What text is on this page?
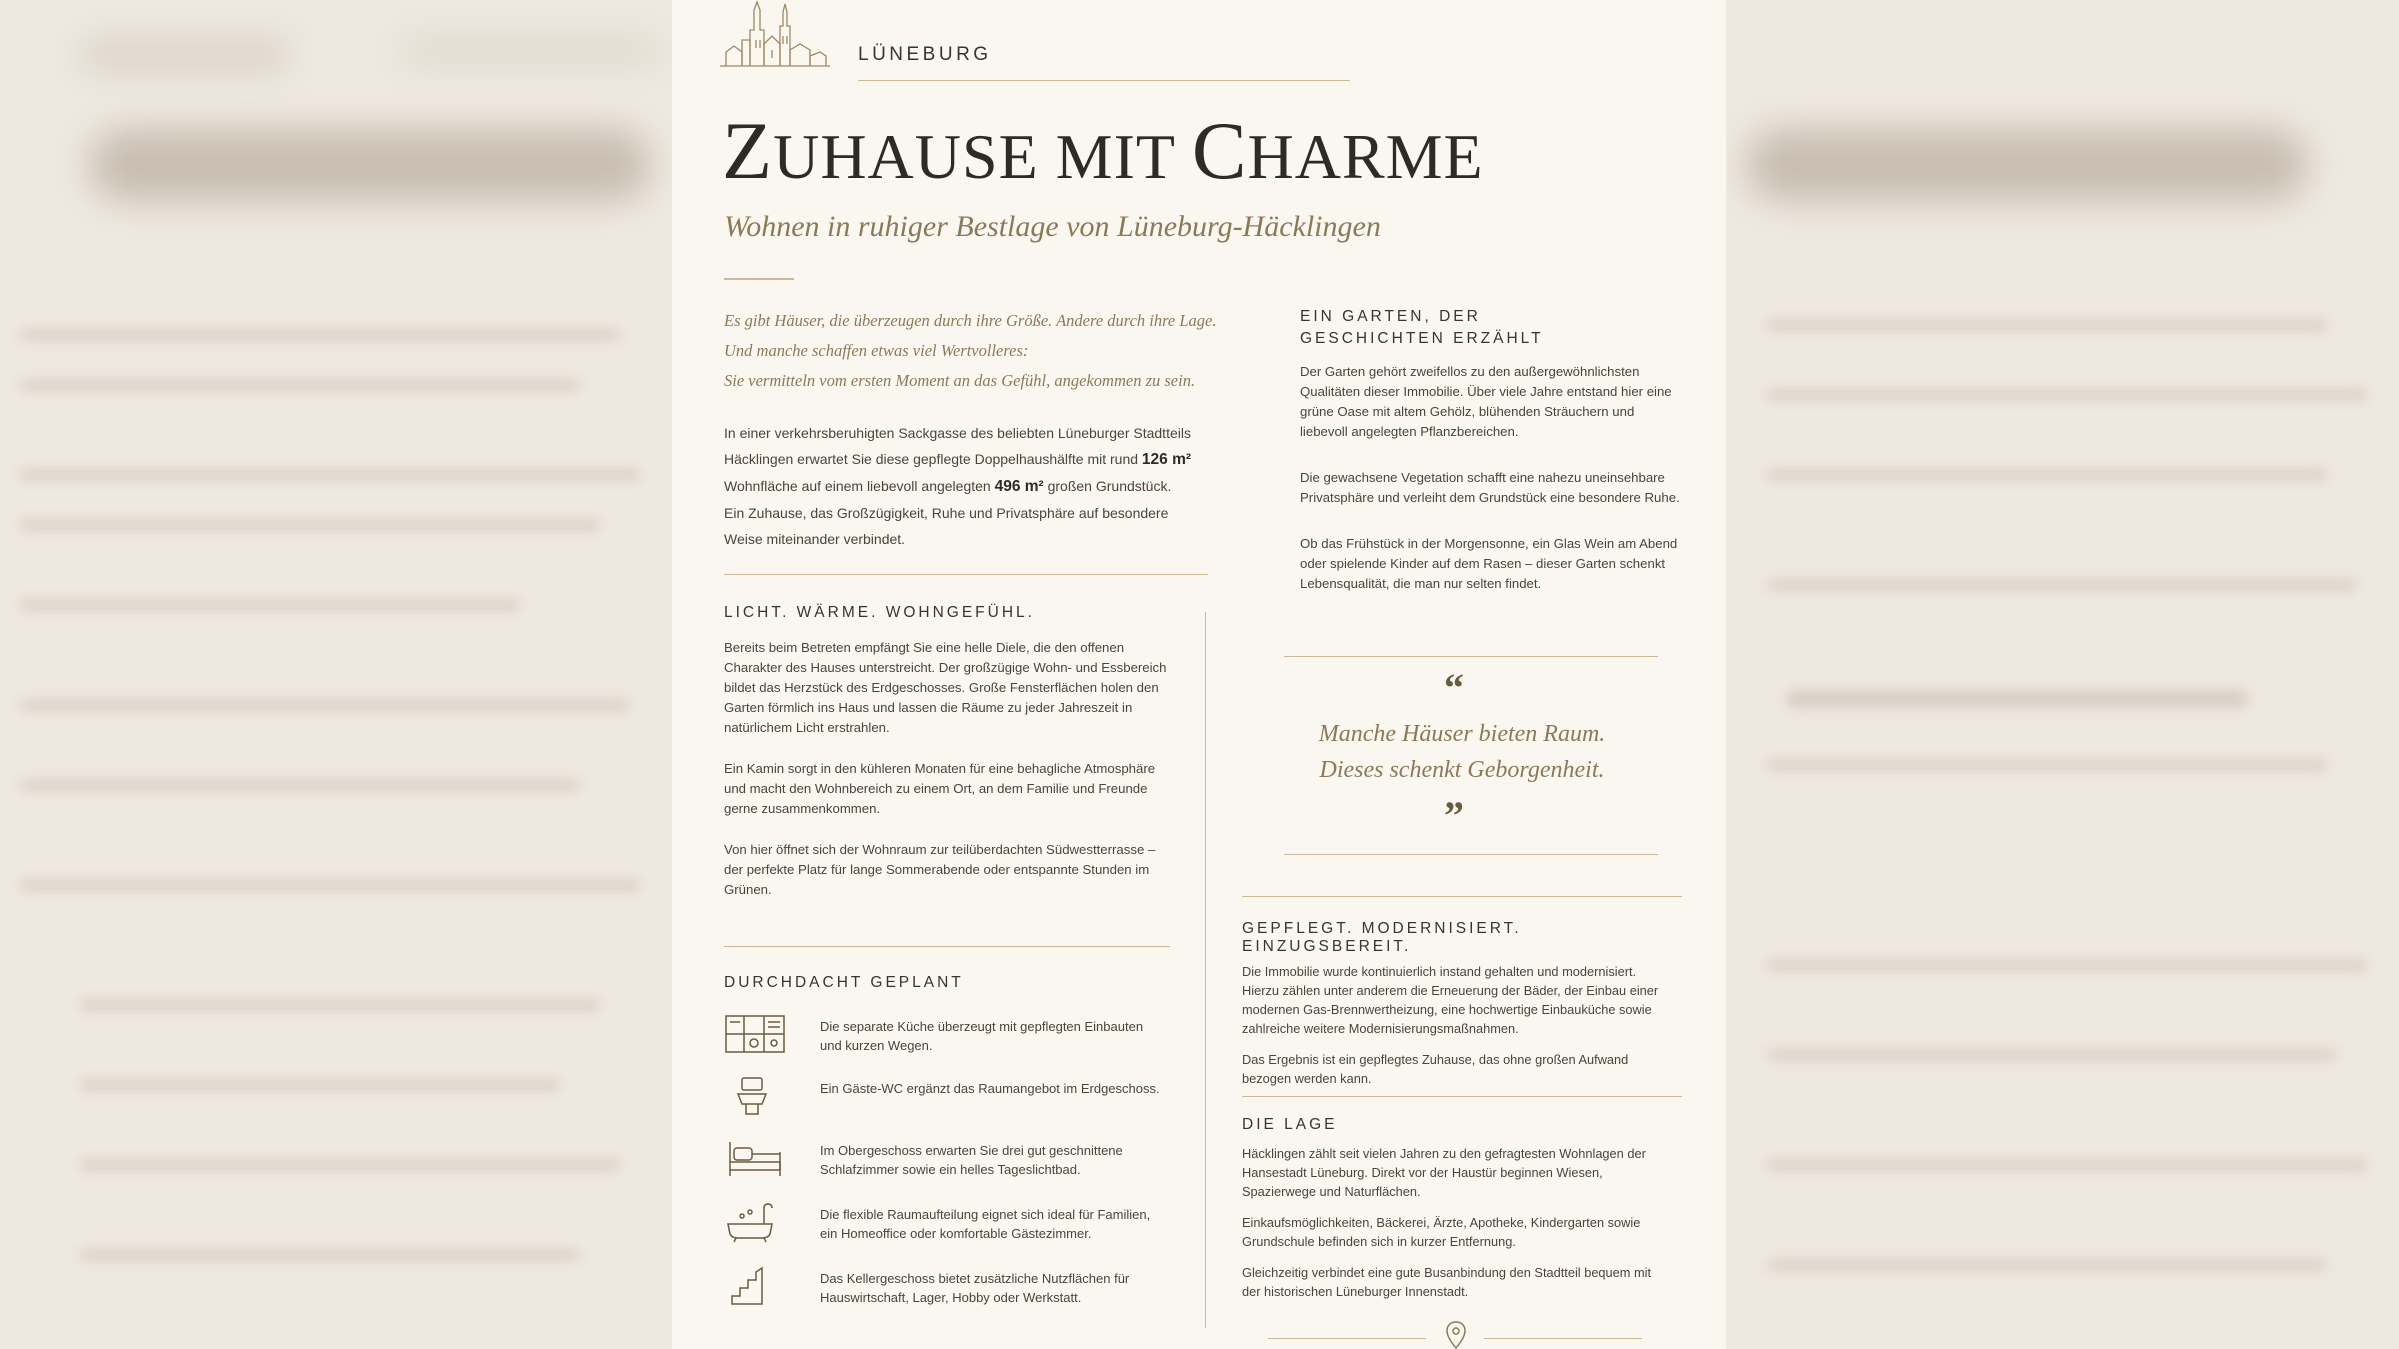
LÜNEBURG
ZUHAUSE MIT CHARME
Wohnen in ruhiger Bestlage von Lüneburg-Häcklingen

Es gibt Häuser, die überzeugen durch ihre Größe. Andere durch ihre Lage.

Und manche schaffen etwas viel Wertvolleres:

Sie vermitteln vom ersten Moment an das Gefühl, angekommen zu sein.

In einer verkehrsberuhigten Sackgasse des beliebten Lüneburger Stadtteils

Häcklingen erwartet Sie diese gepflegte Doppelhaushälfte mit rund 126 m²

Wohnfläche auf einem liebevoll angelegten 496 m² großen Grundstück.

Ein Zuhause, das Großzügigkeit, Ruhe und Privatsphäre auf besondere

Weise miteinander verbindet.

LICHT. WÄRME. WOHNGEFÜHL.

Bereits beim Betreten empfängt Sie eine helle Diele, die den offenen Charakter des Hauses unterstreicht. Der großzügige Wohn- und Essbereich bildet das Herzstück des Erdgeschosses. Große Fensterflächen holen den Garten förmlich ins Haus und lassen die Räume zu jeder Jahreszeit in natürlichem Licht erstrahlen.

Ein Kamin sorgt in den kühleren Monaten für eine behagliche Atmosphäre und macht den Wohnbereich zu einem Ort, an dem Familie und Freunde gerne zusammenkommen.

Von hier öffnet sich der Wohnraum zur teilüberdachten Südwestterrasse – der perfekte Platz für lange Sommerabende oder entspannte Stunden im Grünen.

DURCHDACHT GEPLANT
Die separate Küche überzeugt mit gepflegten Einbauten und kurzen Wegen.
Ein Gäste-WC ergänzt das Raumangebot im Erdgeschoss.
Im Obergeschoss erwarten Sie drei gut geschnittene Schlafzimmer sowie ein helles Tageslichtbad.
Die flexible Raumaufteilung eignet sich ideal für Familien, ein Homeoffice oder komfortable Gästezimmer.
Das Kellergeschoss bietet zusätzliche Nutzflächen für Hauswirtschaft, Lager, Hobby oder Werkstatt.
EIN GARTEN, DER
GESCHICHTEN ERZÄHLT

Der Garten gehört zweifellos zu den außergewöhnlichsten Qualitäten dieser Immobilie. Über viele Jahre entstand hier eine grüne Oase mit altem Gehölz, blühenden Sträuchern und liebevoll angelegten Pflanzbereichen.

Die gewachsene Vegetation schafft eine nahezu uneinsehbare Privatsphäre und verleiht dem Grundstück eine besondere Ruhe.

Ob das Frühstück in der Morgensonne, ein Glas Wein am Abend oder spielende Kinder auf dem Rasen – dieser Garten schenkt Lebensqualität, die man nur selten findet.

“

Manche Häuser bieten Raum.

Dieses schenkt Geborgenheit.

”
GEPFLEGT. MODERNISIERT. EINZUGSBEREIT.

Die Immobilie wurde kontinuierlich instand gehalten und modernisiert. Hierzu zählen unter anderem die Erneuerung der Bäder, der Einbau einer modernen Gas-Brennwertheizung, eine hochwertige Einbauküche sowie zahlreiche weitere Modernisierungsmaßnahmen.

Das Ergebnis ist ein gepflegtes Zuhause, das ohne großen Aufwand bezogen werden kann.

DIE LAGE

Häcklingen zählt seit vielen Jahren zu den gefragtesten Wohnlagen der Hansestadt Lüneburg. Direkt vor der Haustür beginnen Wiesen, Spazierwege und Naturflächen.

Einkaufsmöglichkeiten, Bäckerei, Ärzte, Apotheke, Kindergarten sowie Grundschule befinden sich in kurzer Entfernung.

Gleichzeitig verbindet eine gute Busanbindung den Stadtteil bequem mit der historischen Lüneburger Innenstadt.
